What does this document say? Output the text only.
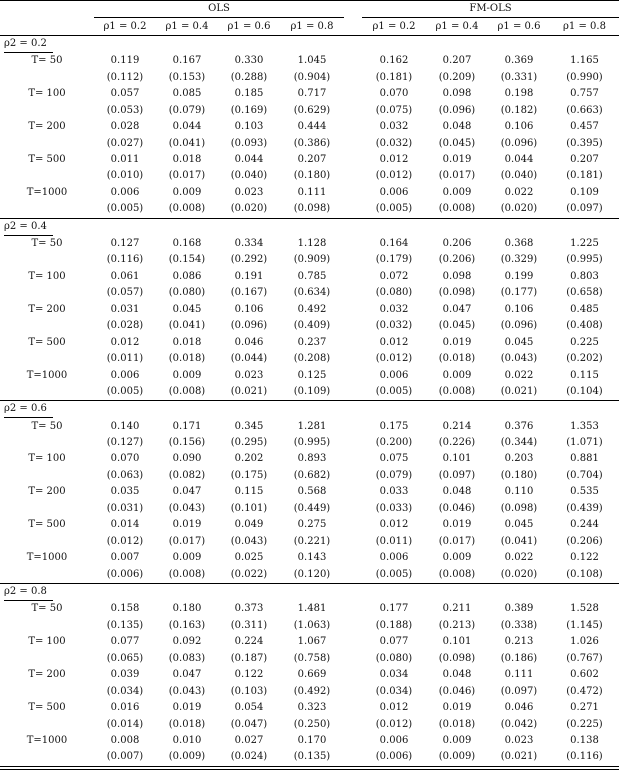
	OLS					FM-OLS			
	ρ1 = 0.2	ρ1 = 0.4	ρ1 = 0.6	ρ1 = 0.8		ρ1 = 0.2	ρ1 = 0.4	ρ1 = 0.6	ρ1 = 0.8
ρ2 = 0.2									
T= 50	0.119	0.167	0.330	1.045		0.162	0.207	0.369	1.165
	(0.112)	(0.153)	(0.288)	(0.904)		(0.181)	(0.209)	(0.331)	(0.990)
T= 100	0.057	0.085	0.185	0.717		0.070	0.098	0.198	0.757
	(0.053)	(0.079)	(0.169)	(0.629)		(0.075)	(0.096)	(0.182)	(0.663)
T= 200	0.028	0.044	0.103	0.444		0.032	0.048	0.106	0.457
	(0.027)	(0.041)	(0.093)	(0.386)		(0.032)	(0.045)	(0.096)	(0.395)
T= 500	0.011	0.018	0.044	0.207		0.012	0.019	0.044	0.207
	(0.010)	(0.017)	(0.040)	(0.180)		(0.012)	(0.017)	(0.040)	(0.181)
T=1000	0.006	0.009	0.023	0.111		0.006	0.009	0.022	0.109
	(0.005)	(0.008)	(0.020)	(0.098)		(0.005)	(0.008)	(0.020)	(0.097)
ρ2 = 0.4									
T= 50	0.127	0.168	0.334	1.128		0.164	0.206	0.368	1.225
	(0.116)	(0.154)	(0.292)	(0.909)		(0.179)	(0.206)	(0.329)	(0.995)
T= 100	0.061	0.086	0.191	0.785		0.072	0.098	0.199	0.803
	(0.057)	(0.080)	(0.167)	(0.634)		(0.080)	(0.098)	(0.177)	(0.658)
T= 200	0.031	0.045	0.106	0.492		0.032	0.047	0.106	0.485
	(0.028)	(0.041)	(0.096)	(0.409)		(0.032)	(0.045)	(0.096)	(0.408)
T= 500	0.012	0.018	0.046	0.237		0.012	0.019	0.045	0.225
	(0.011)	(0.018)	(0.044)	(0.208)		(0.012)	(0.018)	(0.043)	(0.202)
T=1000	0.006	0.009	0.023	0.125		0.006	0.009	0.022	0.115
	(0.005)	(0.008)	(0.021)	(0.109)		(0.005)	(0.008)	(0.021)	(0.104)
ρ2 = 0.6									
T= 50	0.140	0.171	0.345	1.281		0.175	0.214	0.376	1.353
	(0.127)	(0.156)	(0.295)	(0.995)		(0.200)	(0.226)	(0.344)	(1.071)
T= 100	0.070	0.090	0.202	0.893		0.075	0.101	0.203	0.881
	(0.063)	(0.082)	(0.175)	(0.682)		(0.079)	(0.097)	(0.180)	(0.704)
T= 200	0.035	0.047	0.115	0.568		0.033	0.048	0.110	0.535
	(0.031)	(0.043)	(0.101)	(0.449)		(0.033)	(0.046)	(0.098)	(0.439)
T= 500	0.014	0.019	0.049	0.275		0.012	0.019	0.045	0.244
	(0.012)	(0.017)	(0.043)	(0.221)		(0.011)	(0.017)	(0.041)	(0.206)
T=1000	0.007	0.009	0.025	0.143		0.006	0.009	0.022	0.122
	(0.006)	(0.008)	(0.022)	(0.120)		(0.005)	(0.008)	(0.020)	(0.108)
ρ2 = 0.8									
T= 50	0.158	0.180	0.373	1.481		0.177	0.211	0.389	1.528
	(0.135)	(0.163)	(0.311)	(1.063)		(0.188)	(0.213)	(0.338)	(1.145)
T= 100	0.077	0.092	0.224	1.067		0.077	0.101	0.213	1.026
	(0.065)	(0.083)	(0.187)	(0.758)		(0.080)	(0.098)	(0.186)	(0.767)
T= 200	0.039	0.047	0.122	0.669		0.034	0.048	0.111	0.602
	(0.034)	(0.043)	(0.103)	(0.492)		(0.034)	(0.046)	(0.097)	(0.472)
T= 500	0.016	0.019	0.054	0.323		0.012	0.019	0.046	0.271
	(0.014)	(0.018)	(0.047)	(0.250)		(0.012)	(0.018)	(0.042)	(0.225)
T=1000	0.008	0.010	0.027	0.170		0.006	0.009	0.023	0.138
	(0.007)	(0.009)	(0.024)	(0.135)		(0.006)	(0.009)	(0.021)	(0.116)
